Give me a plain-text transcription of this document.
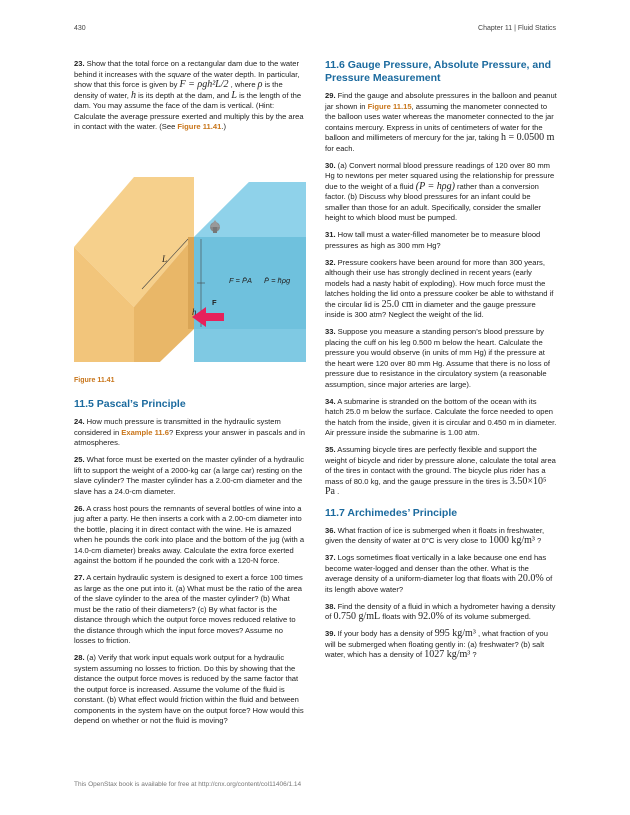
430	Chapter 11 | Fluid Statics

23. Show that the total force on a rectangular dam due to the water behind it increases with the square of the water depth. In particular, show that this force is given by F = ρgh²L/2 , where ρ is the density of water, h is its depth at the dam, and L is the length of the dam. You may assume the face of the dam is vertical. (Hint: Calculate the average pressure exerted and multiply this by the area in contact with the water. (See Figure 11.41.)

L
h
F
F = P̄A P̄ = h̄ρg
Figure 11.41
11.5 Pascal’s Principle

24. How much pressure is transmitted in the hydraulic system considered in Example 11.6? Express your answer in pascals and in atmospheres.

25. What force must be exerted on the master cylinder of a hydraulic lift to support the weight of a 2000-kg car (a large car) resting on the slave cylinder? The master cylinder has a 2.00-cm diameter and the slave has a 24.0-cm diameter.

26. A crass host pours the remnants of several bottles of wine into a jug after a party. He then inserts a cork with a 2.00-cm diameter into the bottle, placing it in direct contact with the wine. He is amazed when he pounds the cork into place and the bottom of the jug (with a 14.0-cm diameter) breaks away. Calculate the extra force exerted against the bottom if he pounded the cork with a 120-N force.

27. A certain hydraulic system is designed to exert a force 100 times as large as the one put into it. (a) What must be the ratio of the area of the slave cylinder to the area of the master cylinder? (b) What must be the ratio of their diameters? (c) By what factor is the distance through which the output force moves reduced relative to the distance through which the input force moves? Assume no losses to friction.

28. (a) Verify that work input equals work output for a hydraulic system assuming no losses to friction. Do this by showing that the distance the output force moves is reduced by the same factor that the output force is increased. Assume the volume of the fluid is constant. (b) What effect would friction within the fluid and between components in the system have on the output force? How would this depend on whether or not the fluid is moving?

11.6 Gauge Pressure, Absolute Pressure, and Pressure Measurement

29. Find the gauge and absolute pressures in the balloon and peanut jar shown in Figure 11.15, assuming the manometer connected to the balloon uses water whereas the manometer connected to the jar contains mercury. Express in units of centimeters of water for the balloon and millimeters of mercury for the jar, taking h = 0.0500 m for each.

30. (a) Convert normal blood pressure readings of 120 over 80 mm Hg to newtons per meter squared using the relationship for pressure due to the weight of a fluid (P = hρg) rather than a conversion factor. (b) Discuss why blood pressures for an infant could be smaller than those for an adult. Specifically, consider the smaller height to which blood must be pumped.

31. How tall must a water-filled manometer be to measure blood pressures as high as 300 mm Hg?

32. Pressure cookers have been around for more than 300 years, although their use has strongly declined in recent years (early models had a nasty habit of exploding). How much force must the latches holding the lid onto a pressure cooker be able to withstand if the circular lid is 25.0 cm in diameter and the gauge pressure inside is 300 atm? Neglect the weight of the lid.

33. Suppose you measure a standing person’s blood pressure by placing the cuff on his leg 0.500 m below the heart. Calculate the pressure you would observe (in units of mm Hg) if the pressure at the heart were 120 over 80 mm Hg. Assume that there is no loss of pressure due to resistance in the circulatory system (a reasonable assumption, since major arteries are large).

34. A submarine is stranded on the bottom of the ocean with its hatch 25.0 m below the surface. Calculate the force needed to open the hatch from the inside, given it is circular and 0.450 m in diameter. Air pressure inside the submarine is 1.00 atm.

35. Assuming bicycle tires are perfectly flexible and support the weight of bicycle and rider by pressure alone, calculate the total area of the tires in contact with the ground. The bicycle plus rider has a mass of 80.0 kg, and the gauge pressure in the tires is 3.50×10⁵ Pa .

11.7 Archimedes’ Principle

36. What fraction of ice is submerged when it floats in freshwater, given the density of water at 0°C is very close to 1000 kg/m³ ?

37. Logs sometimes float vertically in a lake because one end has become water-logged and denser than the other. What is the average density of a uniform-diameter log that floats with 20.0% of its length above water?

38. Find the density of a fluid in which a hydrometer having a density of 0.750 g/mL floats with 92.0% of its volume submerged.

39. If your body has a density of 995 kg/m³ , what fraction of you will be submerged when floating gently in: (a) freshwater? (b) salt water, which has a density of 1027 kg/m³ ?

This OpenStax book is available for free at http://cnx.org/content/col11406/1.14
